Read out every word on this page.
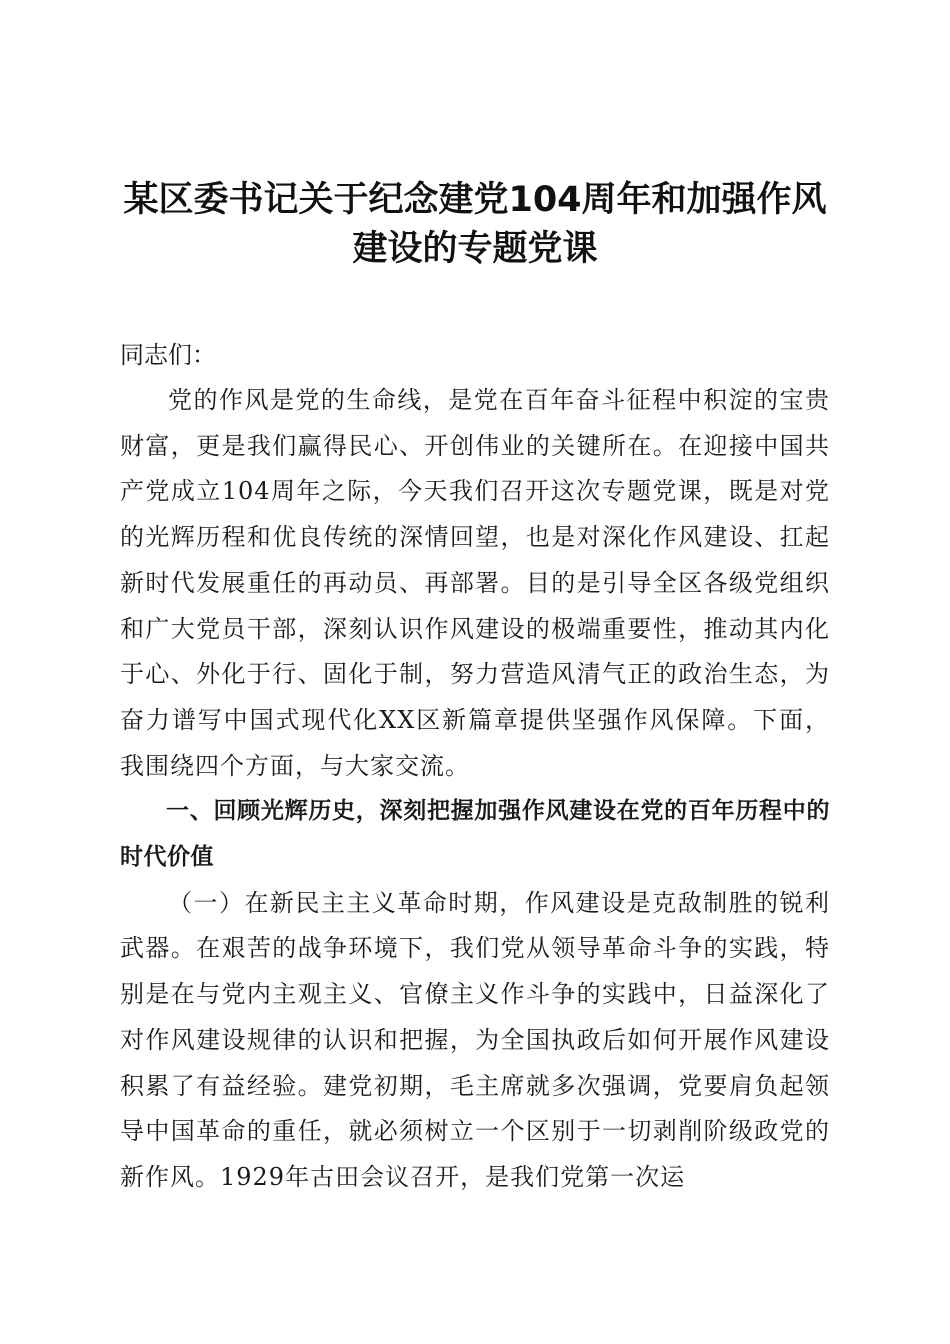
某区委书记关于纪念建党104周年和加强作风建设的专题党课

同志们：

党的作风是党的生命线，是党在百年奋斗征程中积淀的宝贵财富，更是我们赢得民心、开创伟业的关键所在。在迎接中国共产党成立104周年之际，今天我们召开这次专题党课，既是对党的光辉历程和优良传统的深情回望，也是对深化作风建设、扛起新时代发展重任的再动员、再部署。目的是引导全区各级党组织和广大党员干部，深刻认识作风建设的极端重要性，推动其内化于心、外化于行、固化于制，努力营造风清气正的政治生态，为奋力谱写中国式现代化XX区新篇章提供坚强作风保障。下面，我围绕四个方面，与大家交流。

一、回顾光辉历史，深刻把握加强作风建设在党的百年历程中的时代价值

（一）在新民主主义革命时期，作风建设是克敌制胜的锐利武器。在艰苦的战争环境下，我们党从领导革命斗争的实践，特别是在与党内主观主义、官僚主义作斗争的实践中，日益深化了对作风建设规律的认识和把握，为全国执政后如何开展作风建设积累了有益经验。建党初期，毛主席就多次强调，党要肩负起领导中国革命的重任，就必须树立一个区别于一切剥削阶级政党的新作风。1929年古田会议召开，是我们党第一次运
